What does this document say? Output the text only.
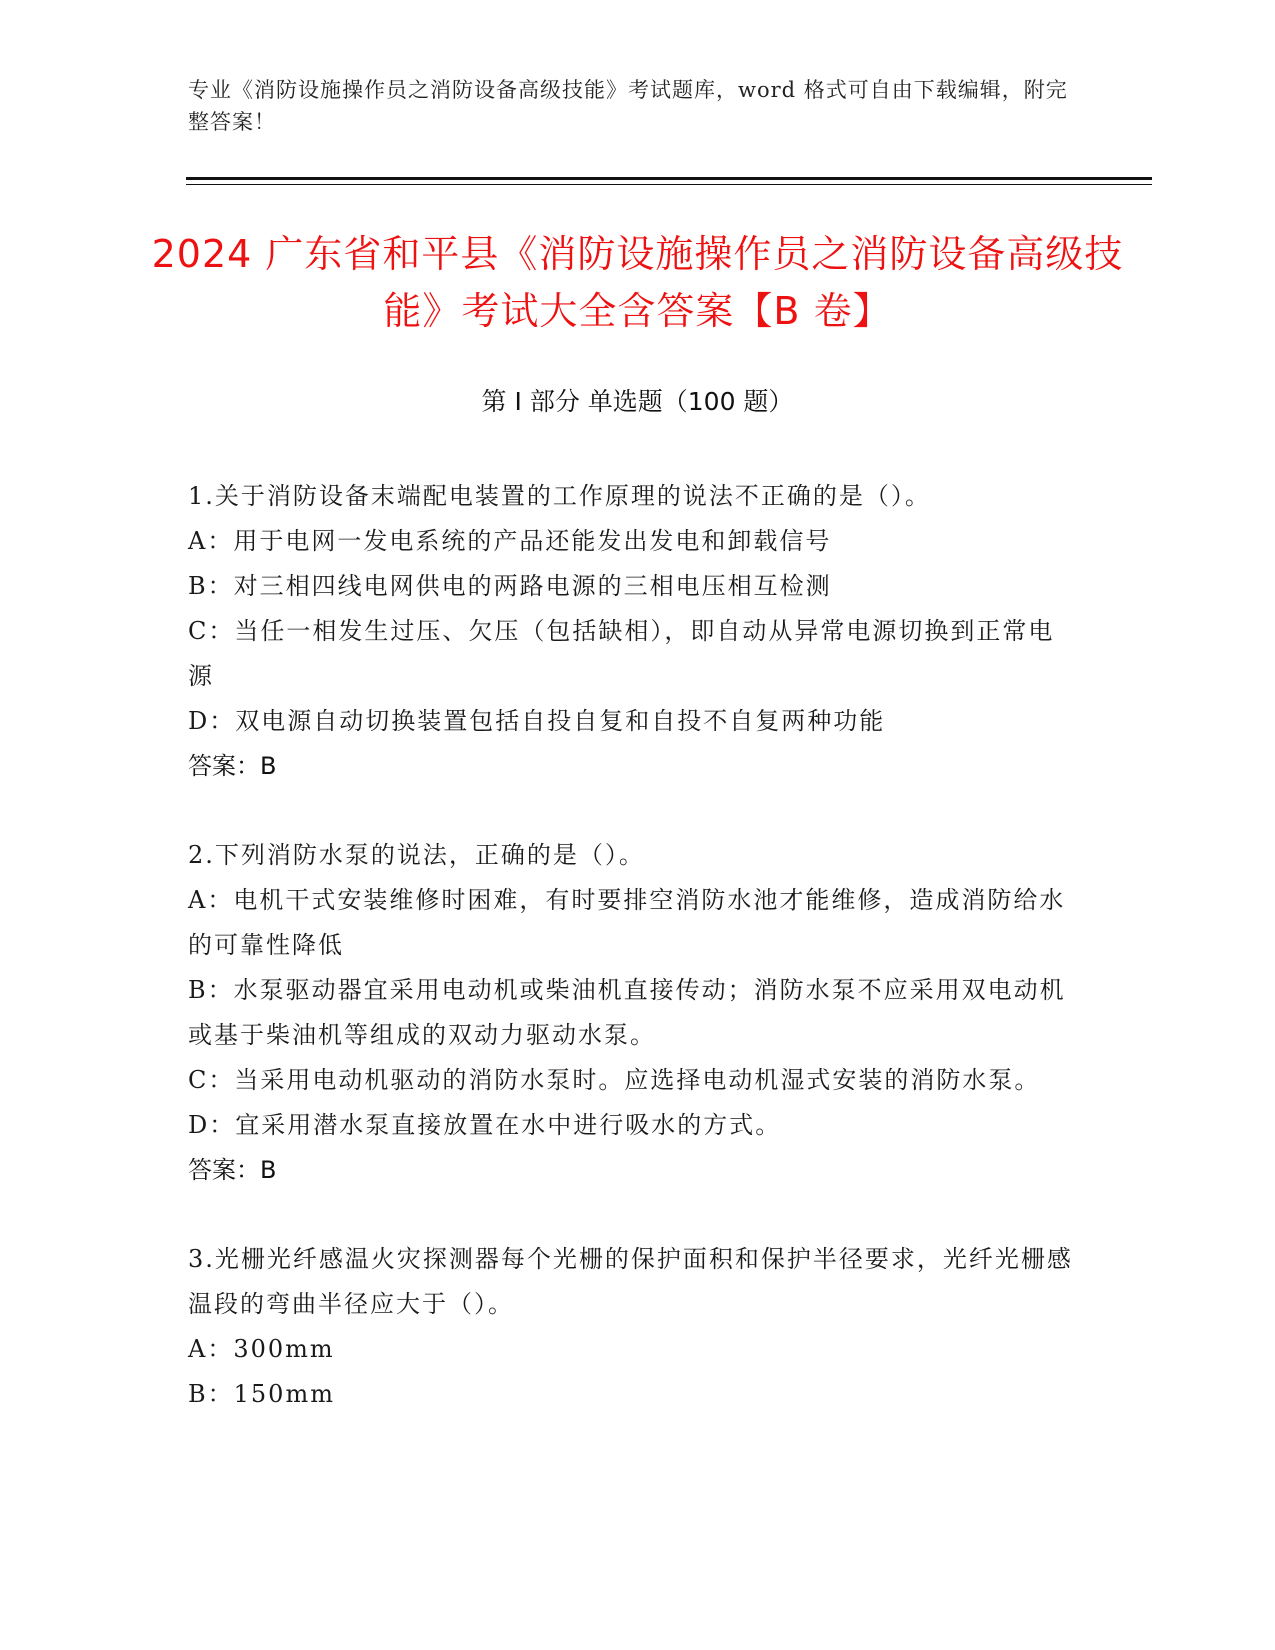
专业《消防设施操作员之消防设备高级技能》考试题库，word 格式可自由下载编辑，附完整答案！
2024 广东省和平县《消防设施操作员之消防设备高级技能》考试大全含答案【B 卷】
第 I 部分 单选题（100 题）
1.关于消防设备末端配电装置的工作原理的说法不正确的是（）。
A：用于电网一发电系统的产品还能发出发电和卸载信号
B：对三相四线电网供电的两路电源的三相电压相互检测
C：当任一相发生过压、欠压（包括缺相），即自动从异常电源切换到正常电源
D：双电源自动切换装置包括自投自复和自投不自复两种功能
答案：B
2.下列消防水泵的说法，正确的是（）。
A：电机干式安装维修时困难，有时要排空消防水池才能维修，造成消防给水的可靠性降低
B：水泵驱动器宜采用电动机或柴油机直接传动；消防水泵不应采用双电动机或基于柴油机等组成的双动力驱动水泵。
C：当采用电动机驱动的消防水泵时。应选择电动机湿式安装的消防水泵。
D：宜采用潜水泵直接放置在水中进行吸水的方式。
答案：B
3.光栅光纤感温火灾探测器每个光栅的保护面积和保护半径要求，光纤光栅感温段的弯曲半径应大于（）。
A：300mm
B：150mm
